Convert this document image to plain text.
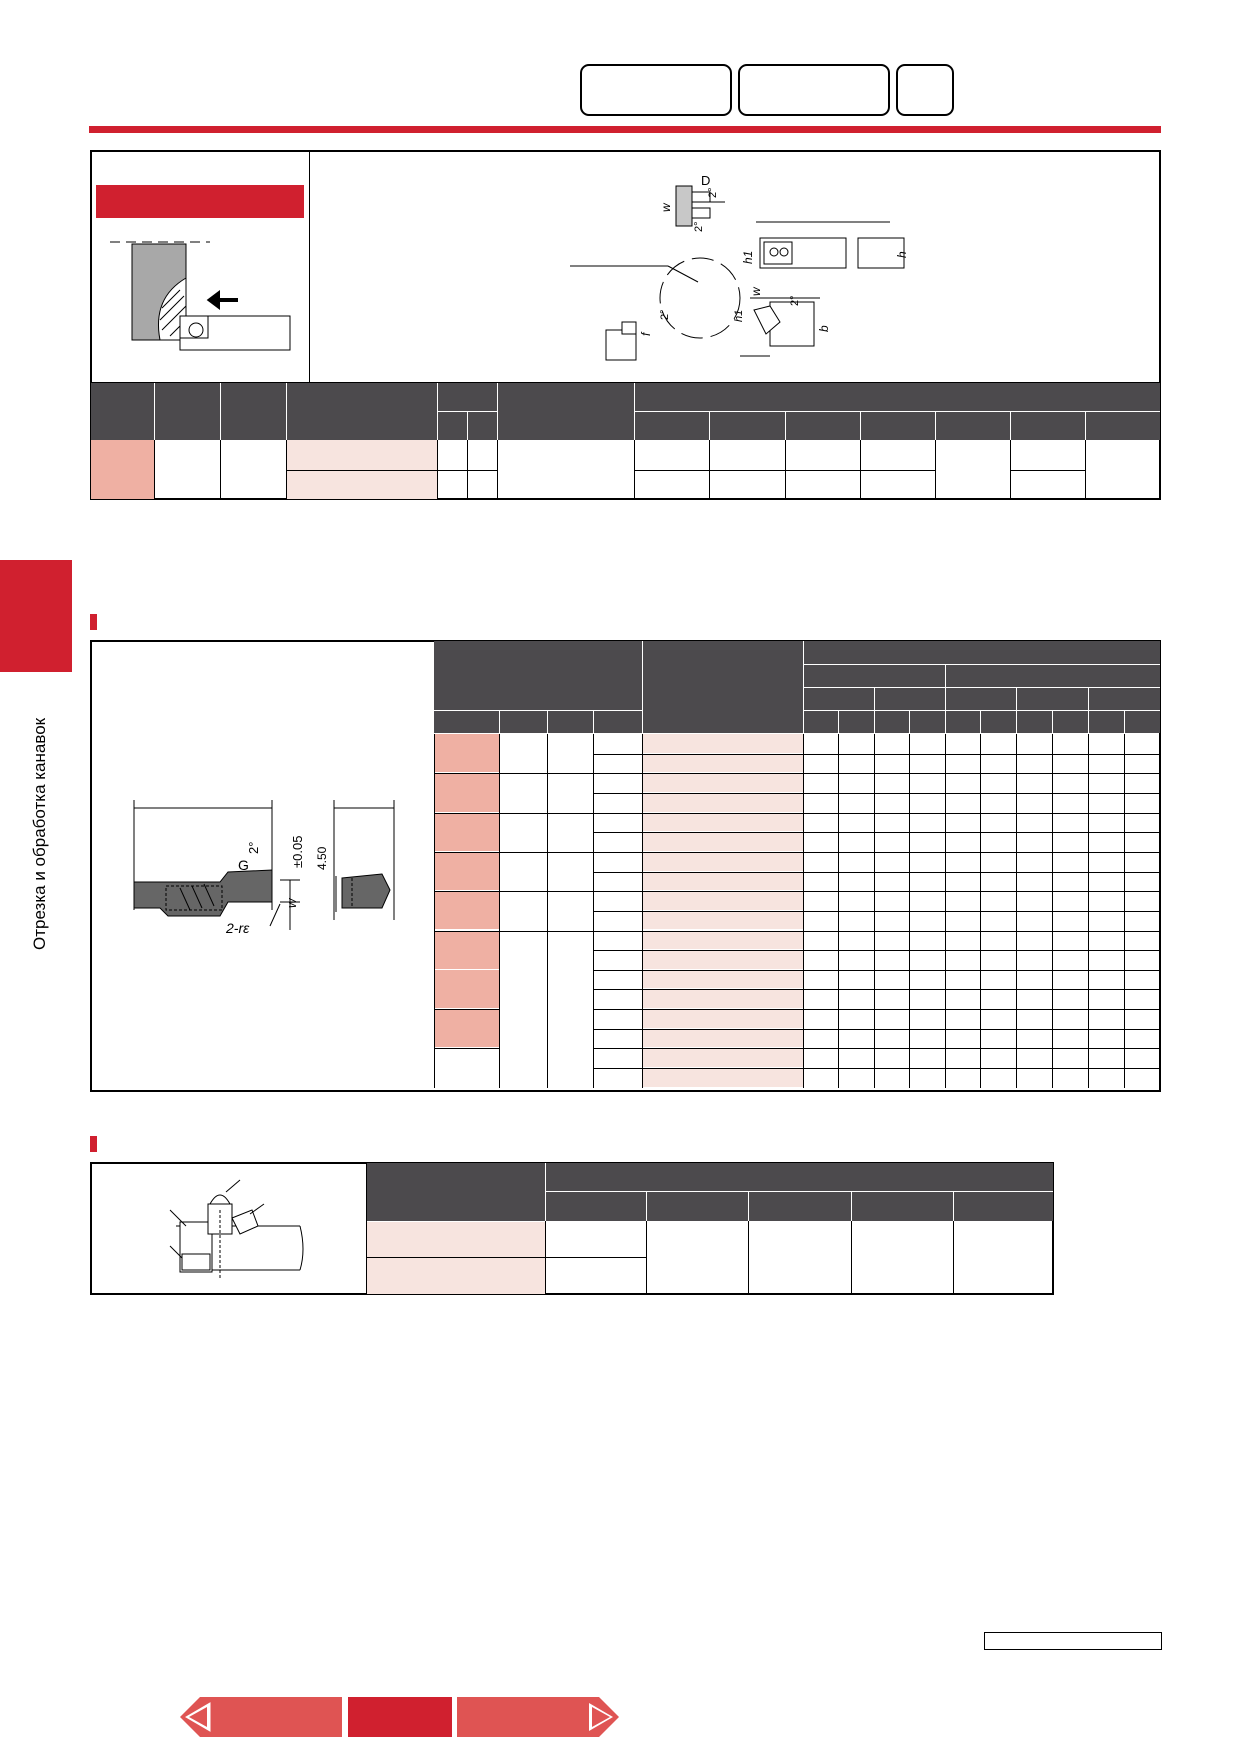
Отрезка и обработка канавок
D
2°
w
2°
h1	h
w
2°
h1
b
2°
f
G
2° ±0.05
w
2-rε
4.50
